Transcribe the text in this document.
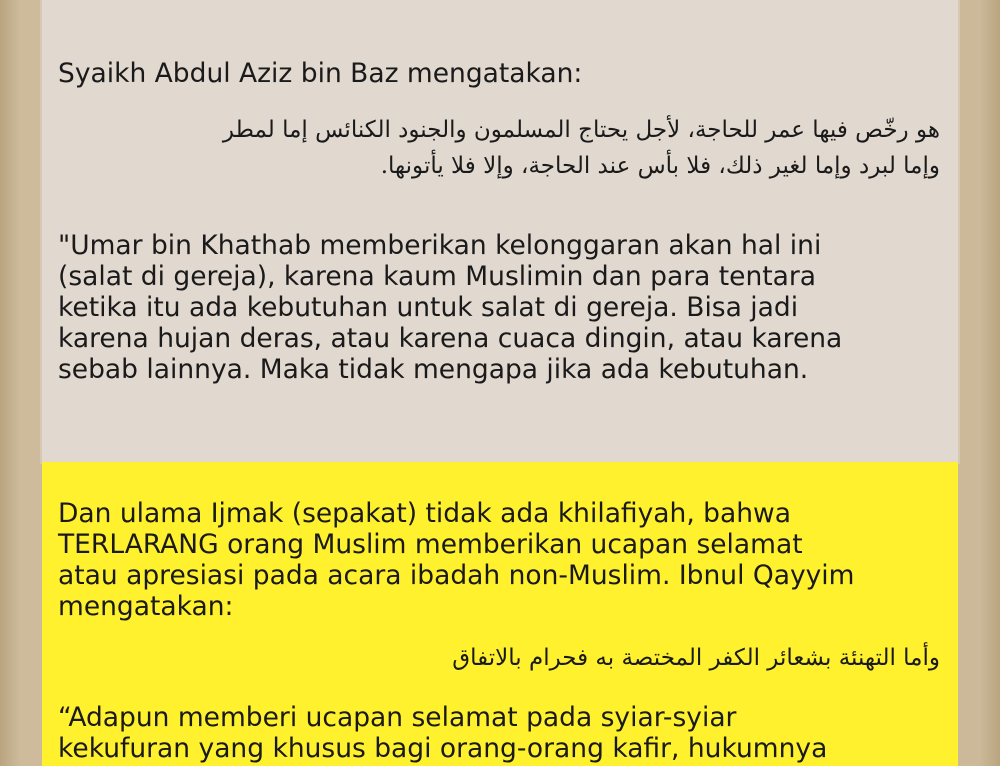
Syaikh Abdul Aziz bin Baz mengatakan:

هو رخّص فيها عمر للحاجة، لأجل يحتاج المسلمون والجنود الكنائس إما لمطر
وإما لبرد وإما لغير ذلك، فلا بأس عند الحاجة، وإلا فلا يأتونها.

"Umar bin Khathab memberikan kelonggaran akan hal ini
(salat di gereja), karena kaum Muslimin dan para tentara
ketika itu ada kebutuhan untuk salat di gereja. Bisa jadi
karena hujan deras, atau karena cuaca dingin, atau karena
sebab lainnya. Maka tidak mengapa jika ada kebutuhan.

Dan ulama Ijmak (sepakat) tidak ada khilafiyah, bahwa
TERLARANG orang Muslim memberikan ucapan selamat
atau apresiasi pada acara ibadah non-Muslim. Ibnul Qayyim
mengatakan:

وأما التهنئة بشعائر الكفر المختصة به فحرام بالاتفاق

“Adapun memberi ucapan selamat pada syiar-syiar
kekufuran yang khusus bagi orang-orang kafir, hukumnya
